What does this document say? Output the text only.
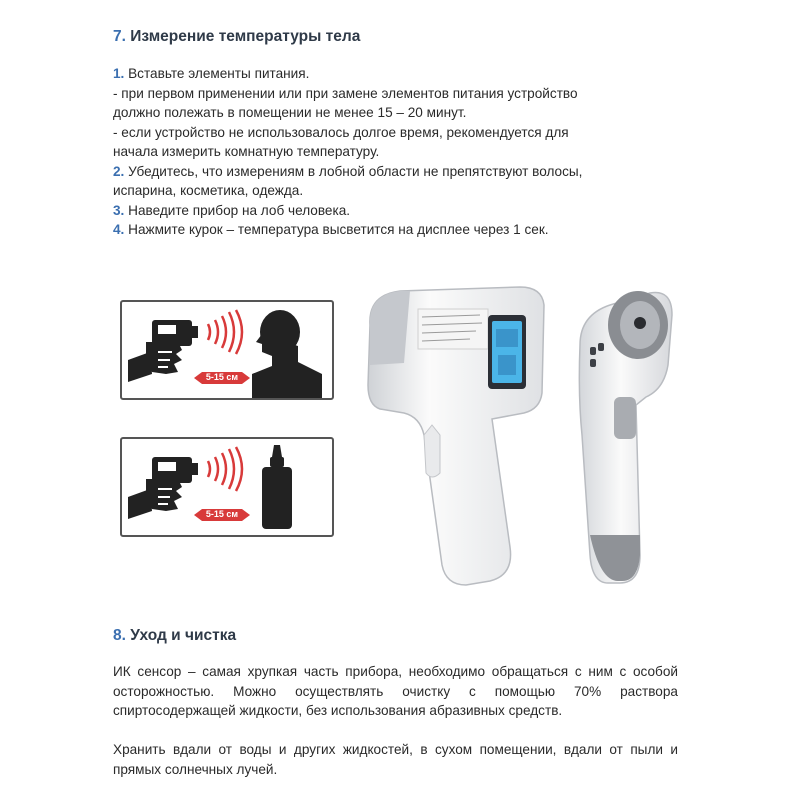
7. Измерение температуры тела
1. Вставьте элементы питания.
- при первом применении или при замене элементов питания устройство
должно полежать в помещении не менее 15 – 20 минут.
- если устройство не использовалось долгое время, рекомендуется для
начала измерить комнатную температуру.
2. Убедитесь, что измерениям в лобной области не препятствуют волосы,
испарина, косметика, одежда.
3. Наведите прибор на лоб человека.
4. Нажмите курок – температура высветится на дисплее через 1 сек.
5-15 см
5-15 см
8. Уход и чистка
ИК сенсор – самая хрупкая часть прибора, необходимо обращаться с ним с особой осторожностью. Можно осуществлять очистку с помощью 70% раствора спиртосодержащей жидкости, без использования абразивных средств.
Хранить вдали от воды и других жидкостей, в сухом помещении, вдали от пыли и прямых солнечных лучей.
